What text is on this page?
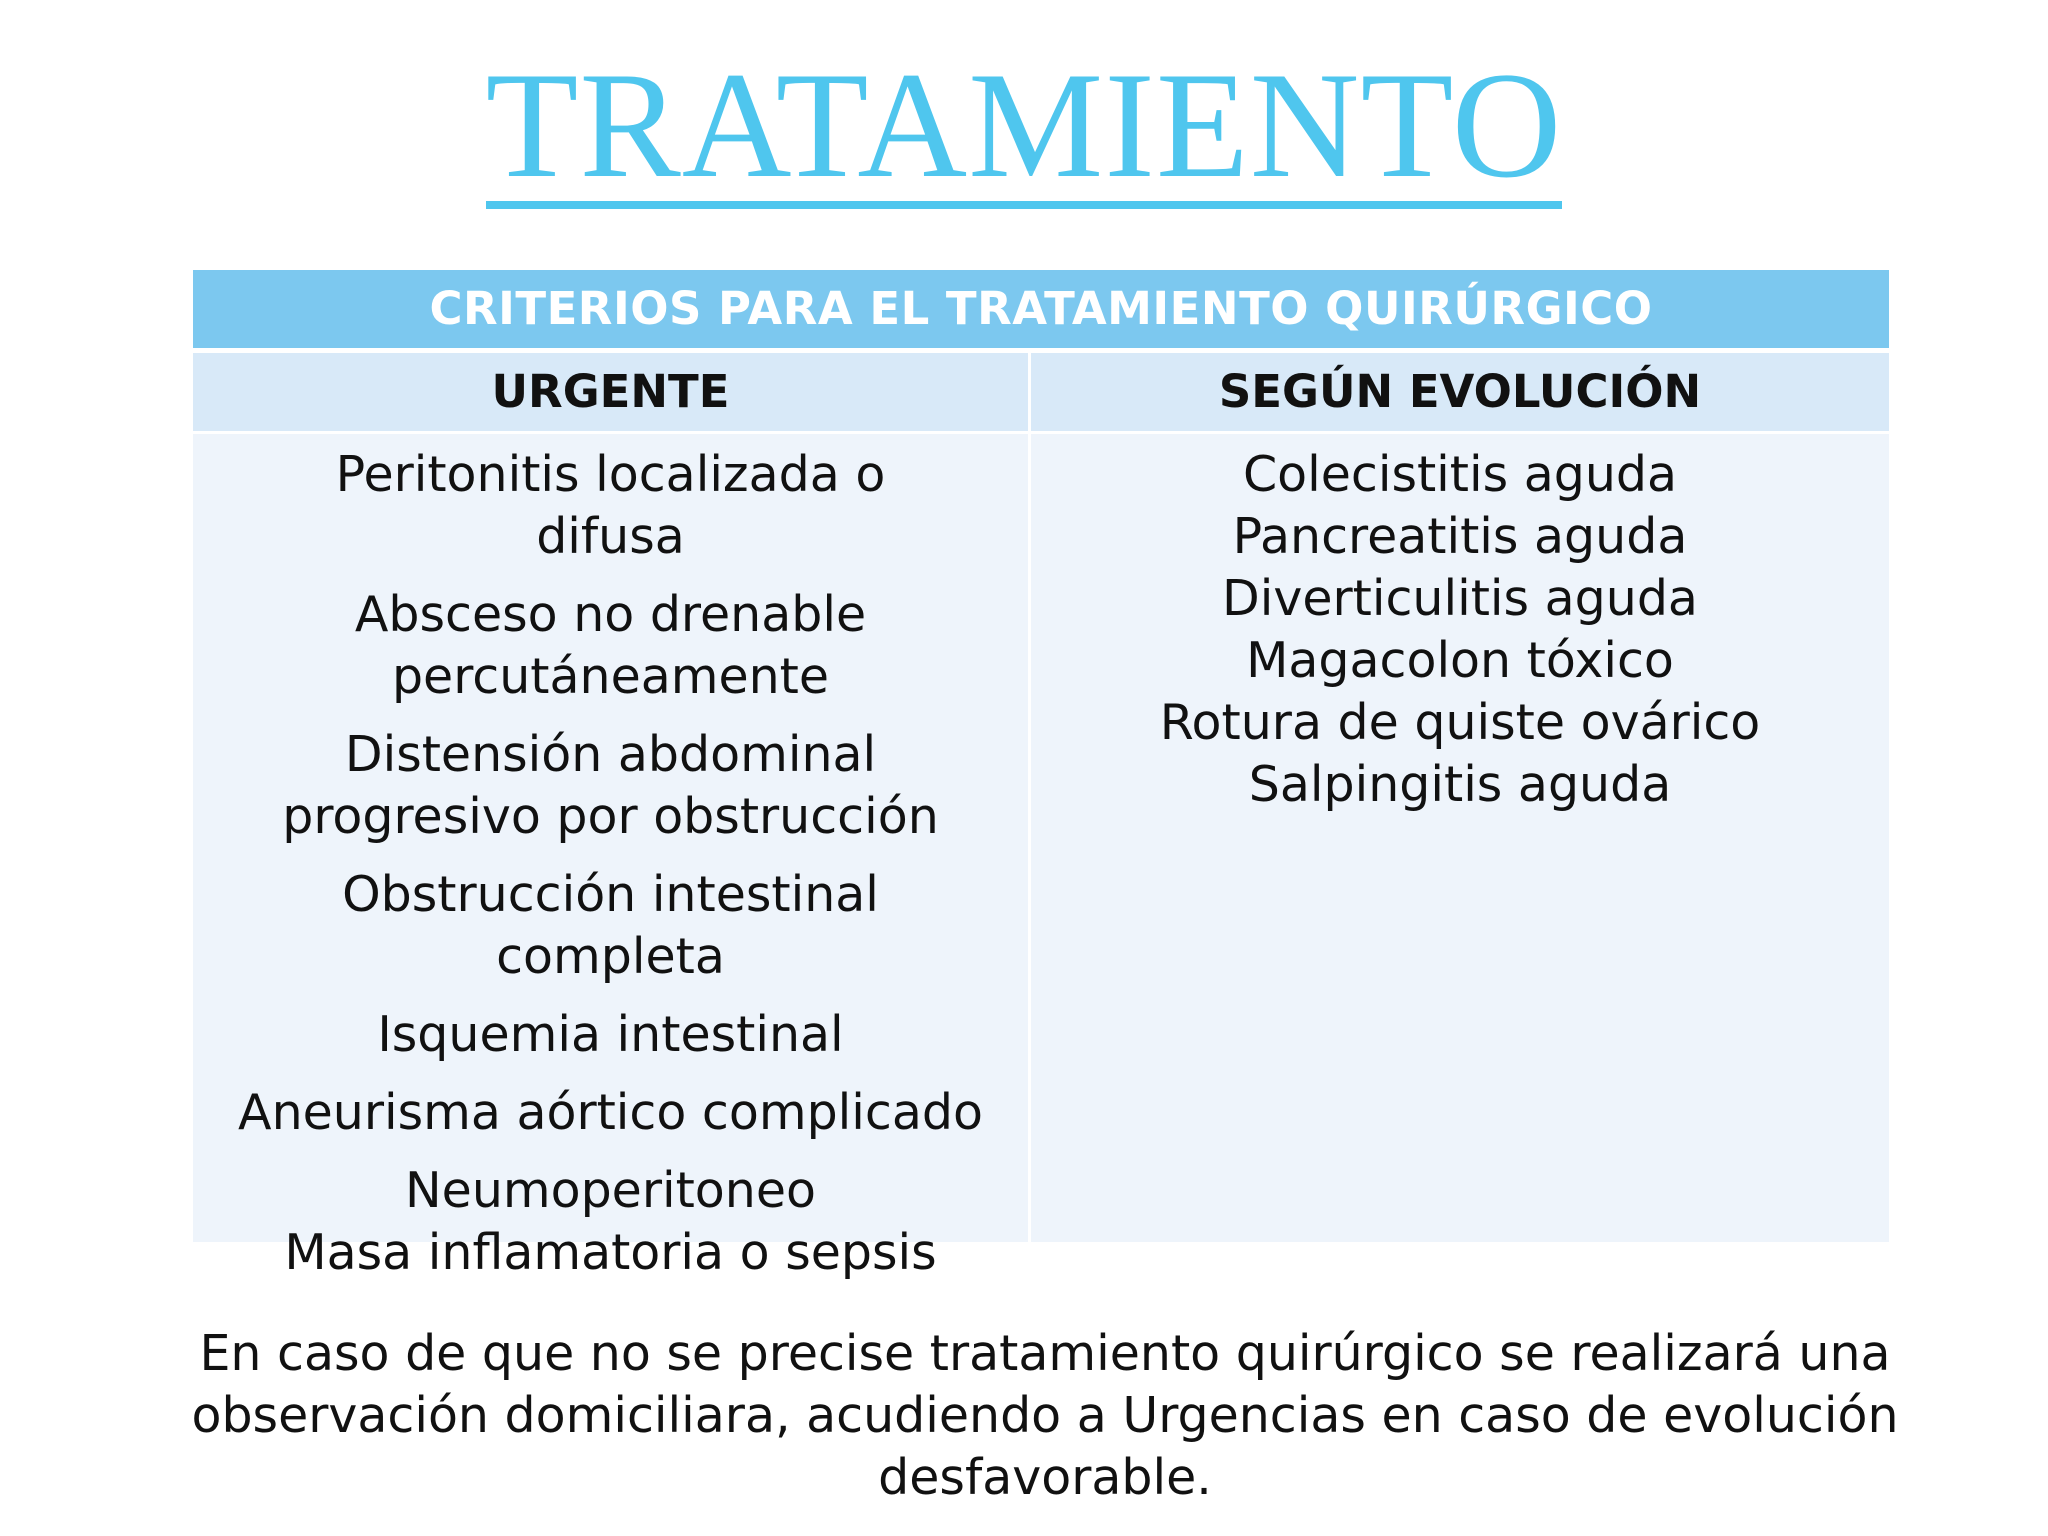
TRATAMIENTO
CRITERIOS PARA EL TRATAMIENTO QUIRÚRGICO
URGENTE	SEGÚN EVOLUCIÓN
Peritonitis localizada o difusa
Absceso no drenable percutáneamente
Distensión abdominal progresivo por obstrucción
Obstrucción intestinal completa
Isquemia intestinal
Aneurisma aórtico complicado
Neumoperitoneo
Masa inflamatoria o sepsis
Colecistitis aguda
Pancreatitis aguda
Diverticulitis aguda
Magacolon tóxico
Rotura de quiste ovárico
Salpingitis aguda
En caso de que no se precise tratamiento quirúrgico se realizará una observación domiciliara, acudiendo a Urgencias en caso de evolución desfavorable.
